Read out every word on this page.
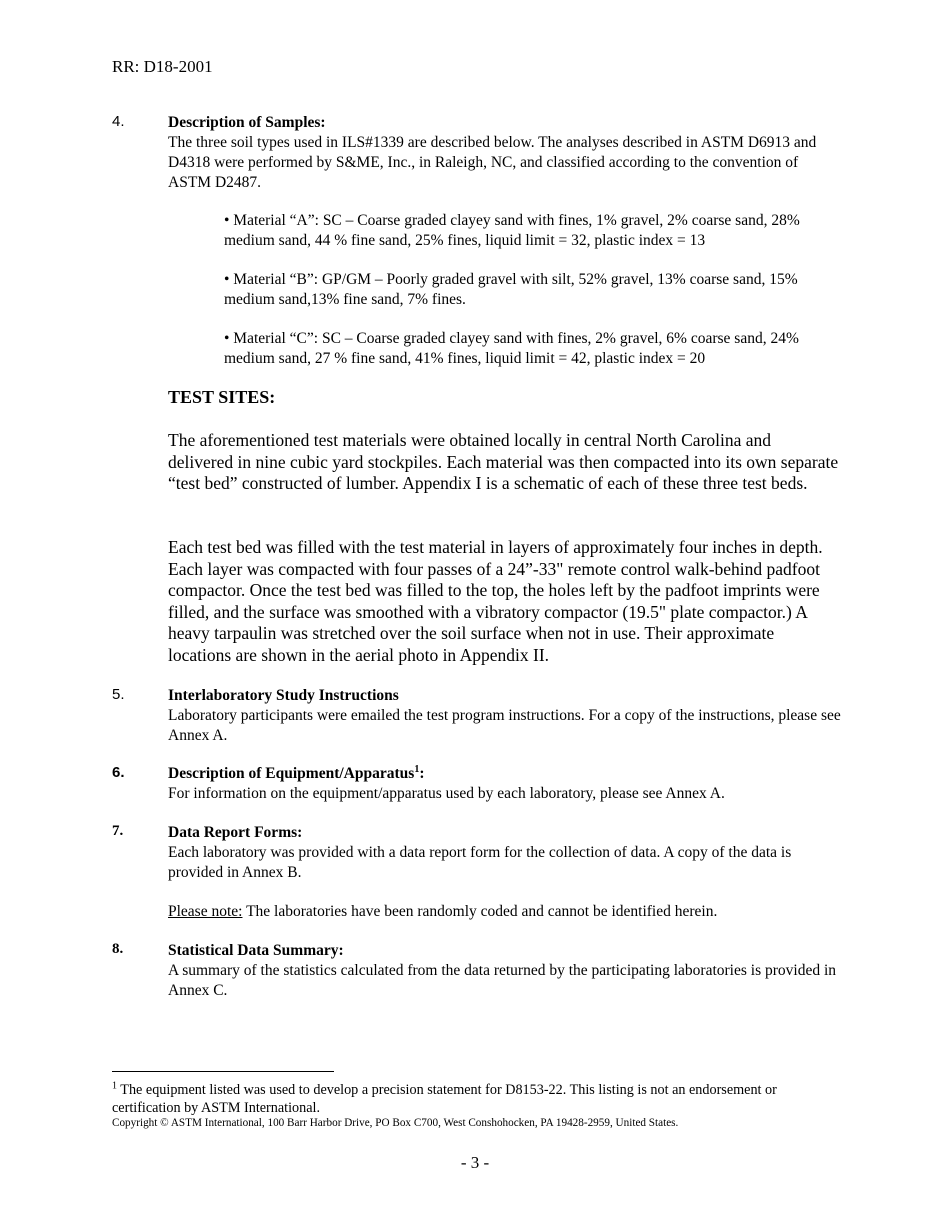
RR: D18-2001
4.	Description of Samples:
The three soil types used in ILS#1339 are described below. The analyses described in ASTM D6913 and D4318 were performed by S&ME, Inc., in Raleigh, NC, and classified according to the convention of ASTM D2487.
• Material “A”: SC – Coarse graded clayey sand with fines, 1% gravel, 2% coarse sand, 28% medium sand, 44 % fine sand, 25% fines, liquid limit = 32, plastic index = 13
• Material “B”: GP/GM – Poorly graded gravel with silt, 52% gravel, 13% coarse sand, 15% medium sand,13% fine sand, 7% fines.
• Material “C”: SC – Coarse graded clayey sand with fines, 2% gravel, 6% coarse sand, 24% medium sand, 27 % fine sand, 41% fines, liquid limit = 42, plastic index = 20
TEST SITES:
The aforementioned test materials were obtained locally in central North Carolina and delivered in nine cubic yard stockpiles. Each material was then compacted into its own separate “test bed” constructed of lumber. Appendix I is a schematic of each of these three test beds.
Each test bed was filled with the test material in layers of approximately four inches in depth. Each layer was compacted with four passes of a 24”-33" remote control walk-behind padfoot compactor. Once the test bed was filled to the top, the holes left by the padfoot imprints were filled, and the surface was smoothed with a vibratory compactor (19.5" plate compactor.) A heavy tarpaulin was stretched over the soil surface when not in use. Their approximate locations are shown in the aerial photo in Appendix II.
5.	Interlaboratory Study Instructions
Laboratory participants were emailed the test program instructions. For a copy of the instructions, please see Annex A.
6.	Description of Equipment/Apparatus$^1$:
For information on the equipment/apparatus used by each laboratory, please see Annex A.
7.	Data Report Forms:
Each laboratory was provided with a data report form for the collection of data. A copy of the data is provided in Annex B.
Please note: The laboratories have been randomly coded and cannot be identified herein.
8.	Statistical Data Summary:
A summary of the statistics calculated from the data returned by the participating laboratories is provided in Annex C.
$^1$ The equipment listed was used to develop a precision statement for D8153-22. This listing is not an endorsement or certification by ASTM International.
Copyright © ASTM International, 100 Barr Harbor Drive, PO Box C700, West Conshohocken, PA 19428-2959, United States.
- 3 -
